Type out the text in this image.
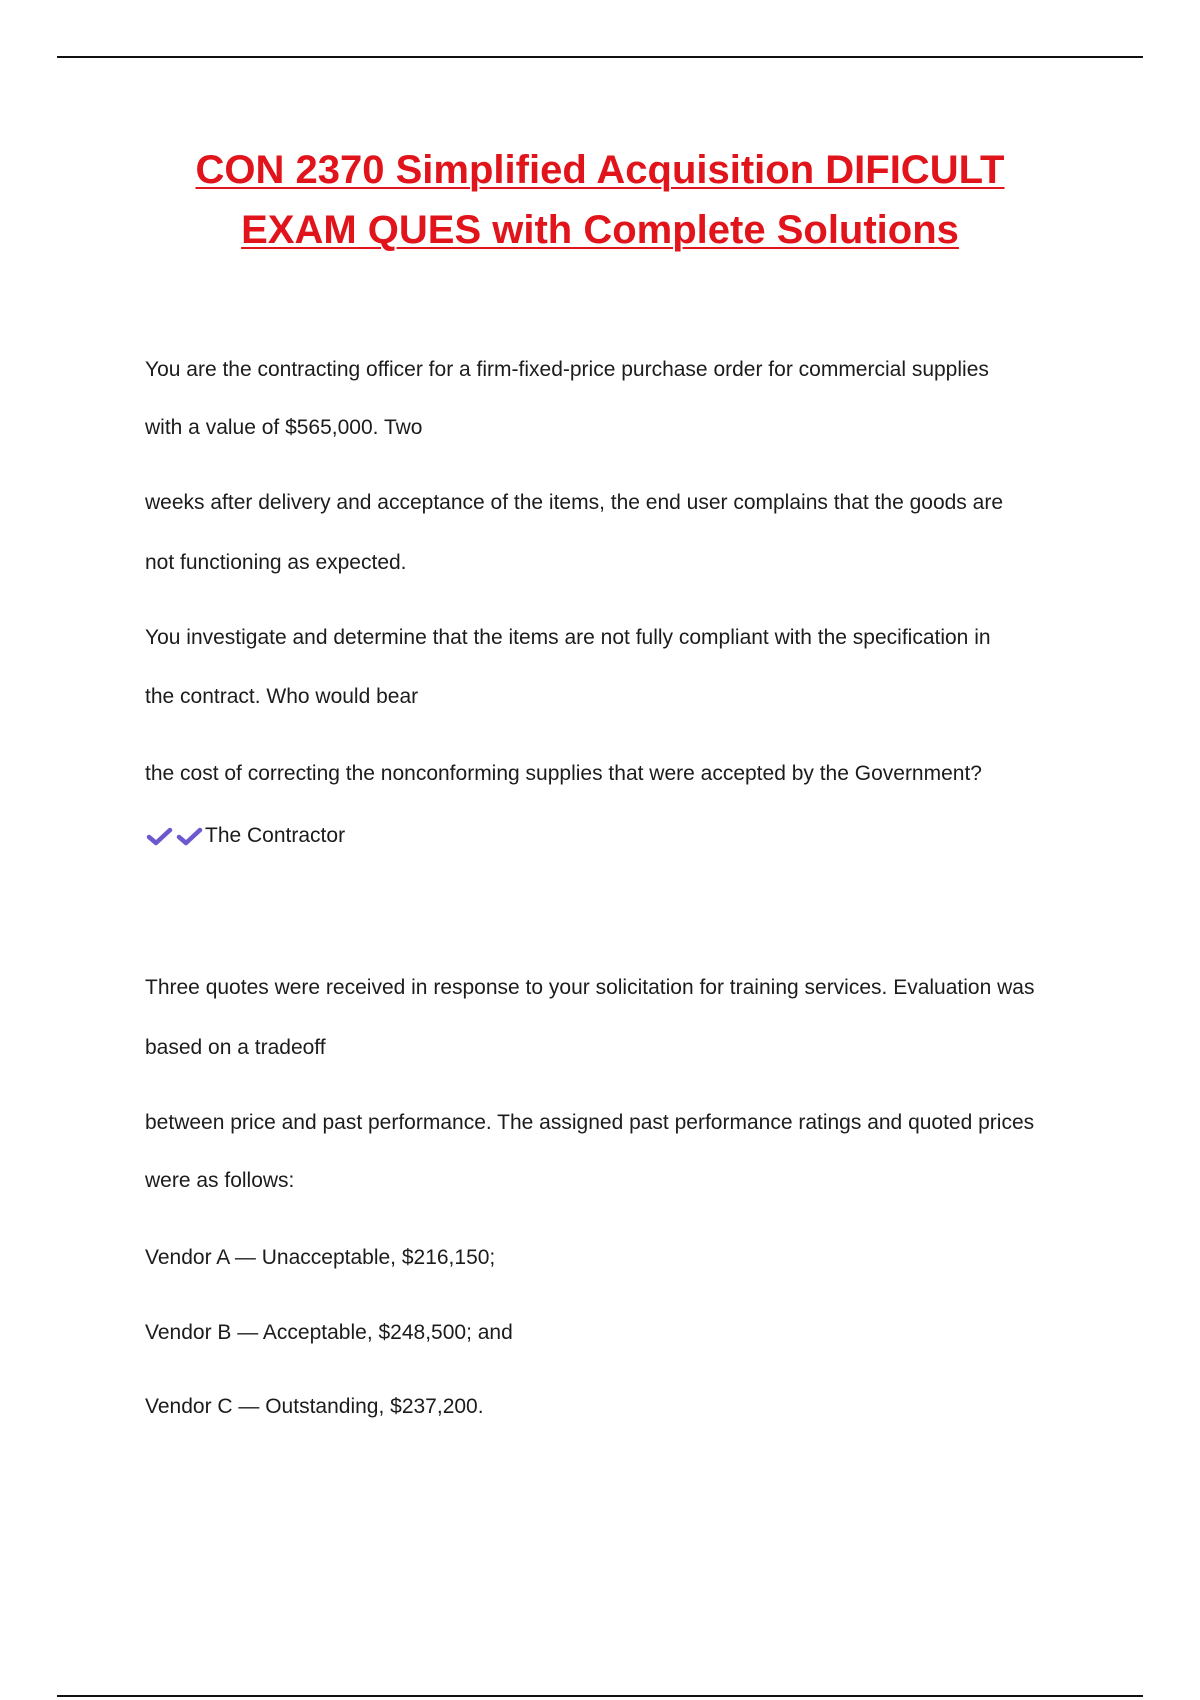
CON 2370 Simplified Acquisition DIFICULT
EXAM QUES with Complete Solutions
You are the contracting officer for a firm-fixed-price purchase order for commercial supplies
with a value of $565,000. Two
weeks after delivery and acceptance of the items, the end user complains that the goods are
not functioning as expected.
You investigate and determine that the items are not fully compliant with the specification in
the contract. Who would bear
the cost of correcting the nonconforming supplies that were accepted by the Government?
The Contractor
Three quotes were received in response to your solicitation for training services. Evaluation was
based on a tradeoff
between price and past performance. The assigned past performance ratings and quoted prices
were as follows:
Vendor A — Unacceptable, $216,150;
Vendor B — Acceptable, $248,500; and
Vendor C — Outstanding, $237,200.
